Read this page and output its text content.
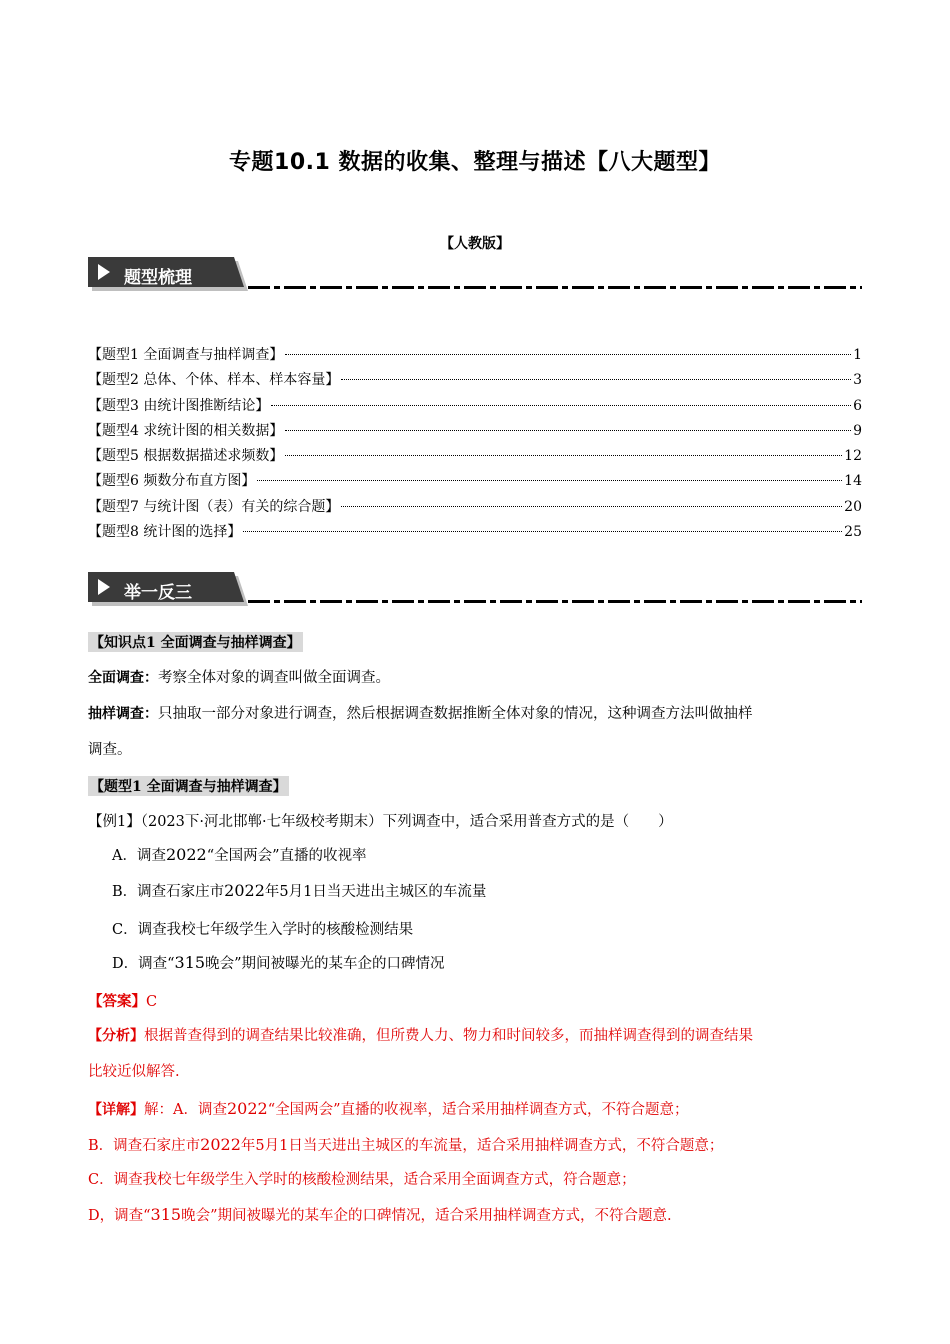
专题10.1 数据的收集、整理与描述【八大题型】
【人教版】
题型梳理
【题型1 全面调查与抽样调查】	1
【题型2 总体、个体、样本、样本容量】	3
【题型3 由统计图推断结论】	6
【题型4 求统计图的相关数据】	9
【题型5 根据数据描述求频数】	12
【题型6 频数分布直方图】	14
【题型7 与统计图（表）有关的综合题】	20
【题型8 统计图的选择】	25
举一反三
【知识点1 全面调查与抽样调查】
全面调查：考察全体对象的调查叫做全面调查。
抽样调查：只抽取一部分对象进行调查，然后根据调查数据推断全体对象的情况，这种调查方法叫做抽样
调查。
【题型1 全面调查与抽样调查】
【例1】（2023下·河北邯郸·七年级校考期末）下列调查中，适合采用普查方式的是（　　）
A．调查2022“全国两会”直播的收视率
B．调查石家庄市2022年5月1日当天进出主城区的车流量
C．调查我校七年级学生入学时的核酸检测结果
D．调查“315晚会”期间被曝光的某车企的口碑情况
【答案】C
【分析】根据普查得到的调查结果比较准确，但所费人力、物力和时间较多，而抽样调查得到的调查结果
比较近似解答.
【详解】解：A．调查2022“全国两会”直播的收视率，适合采用抽样调查方式，不符合题意；
B．调查石家庄市2022年5月1日当天进出主城区的车流量，适合采用抽样调查方式，不符合题意；
C．调查我校七年级学生入学时的核酸检测结果，适合采用全面调查方式，符合题意；
D，调查“315晚会”期间被曝光的某车企的口碑情况，适合采用抽样调查方式，不符合题意.
